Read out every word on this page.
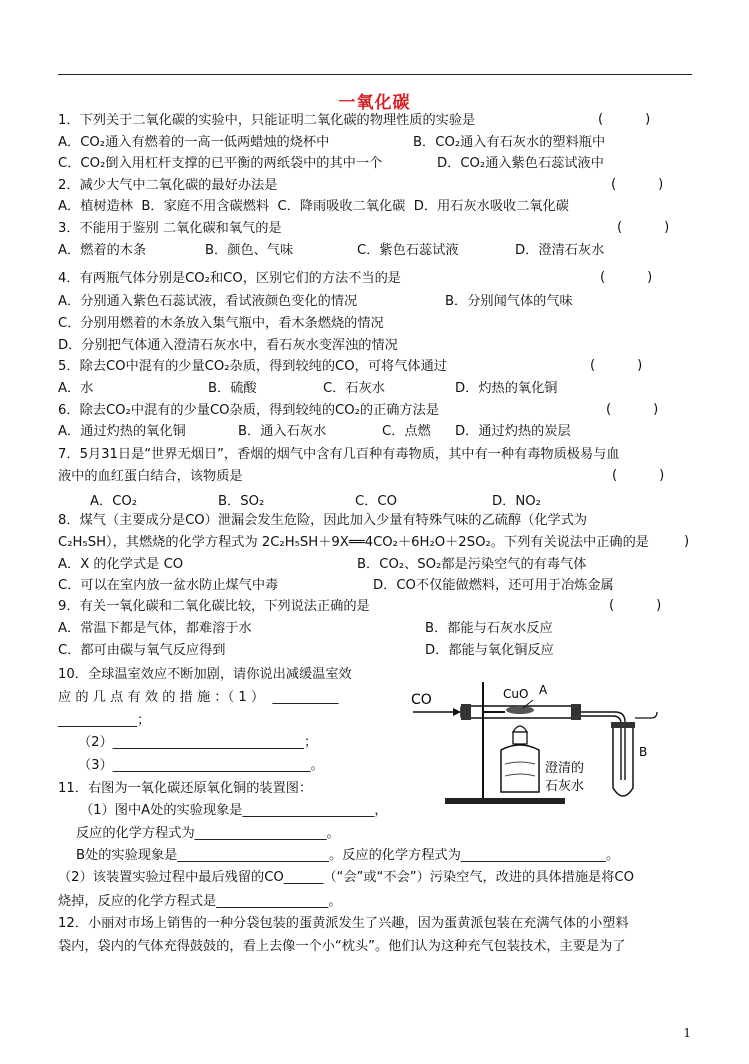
一氧化碳
1．下列关于二氧化碳的实验中，只能证明二氧化碳的物理性质的实验是
A．CO₂通入有燃着的一高一低两蜡烛的烧杯中	B．CO₂通入有石灰水的塑料瓶中
C．CO₂倒入用杠杆支撑的已平衡的两纸袋中的其中一个	D．CO₂通入紫色石蕊试液中
2．减少大气中二氧化碳的最好办法是
A．植树造林  B．家庭不用含碳燃料  C．降雨吸收二氧化碳  D．用石灰水吸收二氧化碳
3．不能用于鉴别 二氧化碳和氧气的是
A．燃着的木条	B．颜色、气味	C．紫色石蕊试液	D．澄清石灰水
4．有两瓶气体分别是CO₂和CO，区别它们的方法不当的是
A．分别通入紫色石蕊试液，看试液颜色变化的情况	B．分别闻气体的气味
C．分别用燃着的木条放入集气瓶中，看木条燃烧的情况
D．分别把气体通入澄清石灰水中，看石灰水变浑浊的情况
5．除去CO中混有的少量CO₂杂质，得到较纯的CO，可将气体通过
A．水	B．硫酸	C．石灰水	D．灼热的氧化铜
6．除去CO₂中混有的少量CO杂质，得到较纯的CO₂的正确方法是
A．通过灼热的氧化铜	B．通入石灰水	C．点燃 D．通过灼热的炭层
7．5月31日是“世界无烟日”，香烟的烟气中含有几百种有毒物质，其中有一种有毒物质极易与血
液中的血红蛋白结合，该物质是
A．CO₂	B．SO₂	C．CO	D．NO₂
8．煤气（主要成分是CO）泄漏会发生危险，因此加入少量有特殊气味的乙硫醇（化学式为
C₂H₅SH），其燃烧的化学方程式为 2C₂H₅SH＋9X══4CO₂＋6H₂O＋2SO₂。下列有关说法中正确的是
A．X 的化学式是 CO	B．CO₂、SO₂都是污染空气的有毒气体
C．可以在室内放一盆水防止煤气中毒	D．CO不仅能做燃料，还可用于冶炼金属
9．有关一氧化碳和二氧化碳比较，下列说法正确的是
A．常温下都是气体，都难溶于水	B．都能与石灰水反应
C．都可由碳与氧气反应得到	D．都能与氧化铜反应
10．全球温室效应不断加剧，请你说出减缓温室效
应 的 几 点 有 效 的 措 施 ：（ 1 ）  __________
____________；
（2）_____________________________；
（3）______________________________。
11．右图为一氧化碳还原氧化铜的装置图：
（1）图中A处的实验现象是____________________，
反应的化学方程式为____________________。
B处的实验现象是_______________________。反应的化学方程式为______________________。
（2）该装置实验过程中最后残留的CO______（“会”或“不会”）污染空气，改进的具体措施是将CO
烧掉，反应的化学方程式是_________________。
12．小丽对市场上销售的一种分袋包装的蛋黄派发生了兴趣，因为蛋黄派包装在充满气体的小塑料
袋内，袋内的气体充得鼓鼓的，看上去像一个小“枕头”。他们认为这种充气包装技术，主要是为了
(          )
(          )
(          )
(          )
(          )
(          )
(          )
)
(          )
CO	CuO A
B
澄清的
石灰水
1
